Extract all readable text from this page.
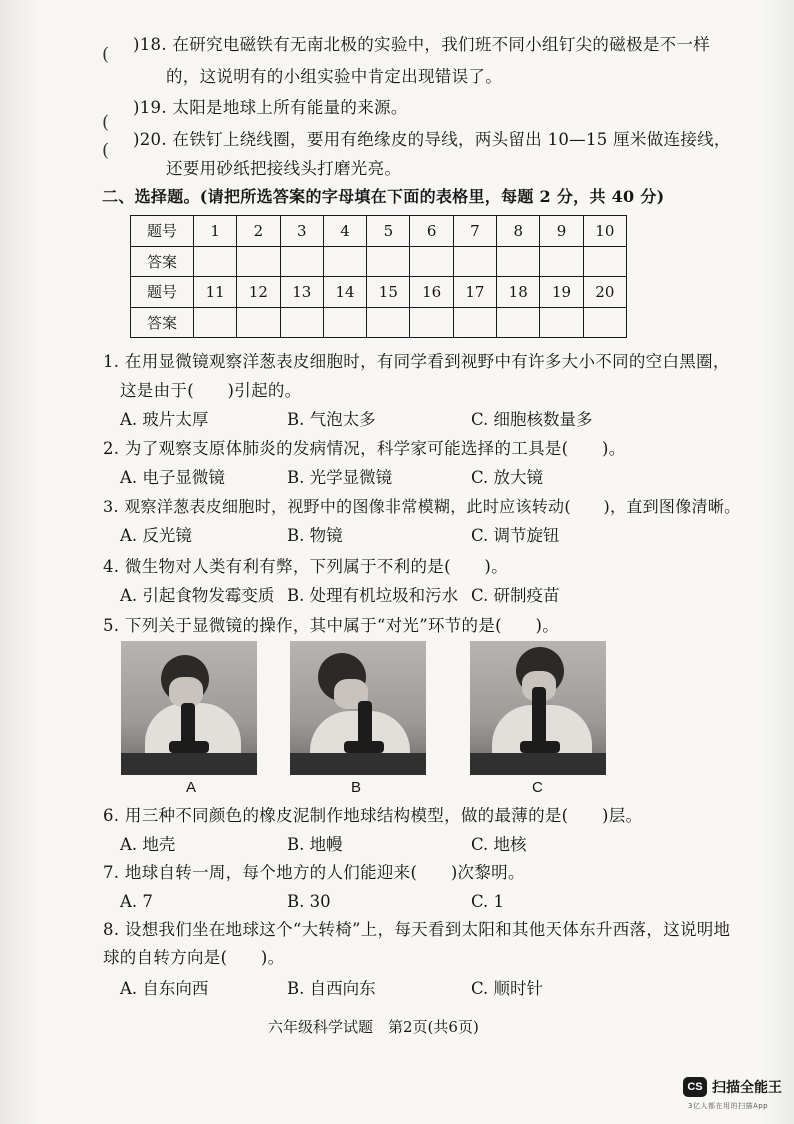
(
(
(
)18. 在研究电磁铁有无南北极的实验中，我们班不同小组钉尖的磁极是不一样
的，这说明有的小组实验中肯定出现错误了。
)19. 太阳是地球上所有能量的来源。
)20. 在铁钉上绕线圈，要用有绝缘皮的导线，两头留出 10—15 厘米做连接线，
还要用砂纸把接线头打磨光亮。
二、选择题。(请把所选答案的字母填在下面的表格里，每题 2 分，共 40 分)
题号	1	2	3	4	5	6	7	8	9	10
答案										
题号	11	12	13	14	15	16	17	18	19	20
答案										
1. 在用显微镜观察洋葱表皮细胞时，有同学看到视野中有许多大小不同的空白黑圈，
这是由于(　　)引起的。
A. 玻片太厚	B. 气泡太多	C. 细胞核数量多
2. 为了观察支原体肺炎的发病情况，科学家可能选择的工具是(　　)。
A. 电子显微镜	B. 光学显微镜	C. 放大镜
3. 观察洋葱表皮细胞时，视野中的图像非常模糊，此时应该转动(　　)，直到图像清晰。
A. 反光镜	B. 物镜	C. 调节旋钮
4. 微生物对人类有利有弊，下列属于不利的是(　　)。
A. 引起食物发霉变质 B. 处理有机垃圾和污水 C. 研制疫苗
5. 下列关于显微镜的操作，其中属于“对光”环节的是(　　)。
A	B	C
6. 用三种不同颜色的橡皮泥制作地球结构模型，做的最薄的是(　　)层。
A. 地壳	B. 地幔	C. 地核
7. 地球自转一周，每个地方的人们能迎来(　　)次黎明。
A. 7	B. 30	C. 1
8. 设想我们坐在地球这个“大转椅”上，每天看到太阳和其他天体东升西落，这说明地
球的自转方向是(　　)。
A. 自东向西	B. 自西向东	C. 顺时针
六年级科学试题　第2页(共6页)
CS 扫描全能王
3亿人都在用的扫描App
